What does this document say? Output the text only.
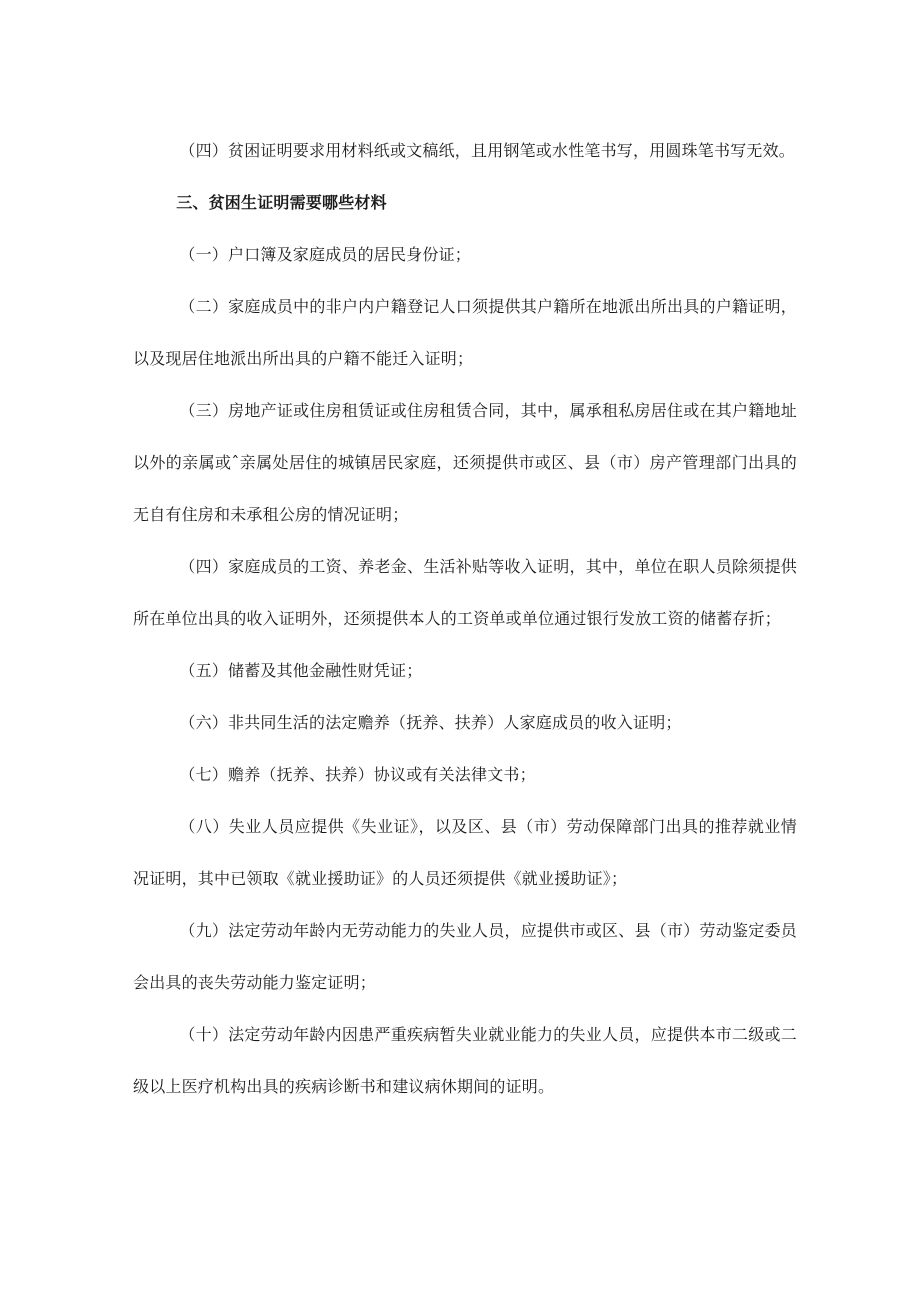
（四）贫困证明要求用材料纸或文稿纸，且用钢笔或水性笔书写，用圆珠笔书写无效。

三、贫困生证明需要哪些材料

（一）户口簿及家庭成员的居民身份证；

（二）家庭成员中的非户内户籍登记人口须提供其户籍所在地派出所出具的户籍证明，以及现居住地派出所出具的户籍不能迁入证明；

（三）房地产证或住房租赁证或住房租赁合同，其中，属承租私房居住或在其户籍地址以外的亲属或ˆ亲属处居住的城镇居民家庭，还须提供市或区、县（市）房产管理部门出具的无自有住房和未承租公房的情况证明；

（四）家庭成员的工资、养老金、生活补贴等收入证明，其中，单位在职人员除须提供所在单位出具的收入证明外，还须提供本人的工资单或单位通过银行发放工资的储蓄存折；

（五）储蓄及其他金融性财凭证；

（六）非共同生活的法定赡养（抚养、扶养）人家庭成员的收入证明；

（七）赡养（抚养、扶养）协议或有关法律文书；

（八）失业人员应提供《失业证》，以及区、县（市）劳动保障部门出具的推荐就业情况证明，其中已领取《就业援助证》的人员还须提供《就业援助证》；

（九）法定劳动年龄内无劳动能力的失业人员，应提供市或区、县（市）劳动鉴定委员会出具的丧失劳动能力鉴定证明；

（十）法定劳动年龄内因患严重疾病暂失业就业能力的失业人员，应提供本市二级或二级以上医疗机构出具的疾病诊断书和建议病休期间的证明。
